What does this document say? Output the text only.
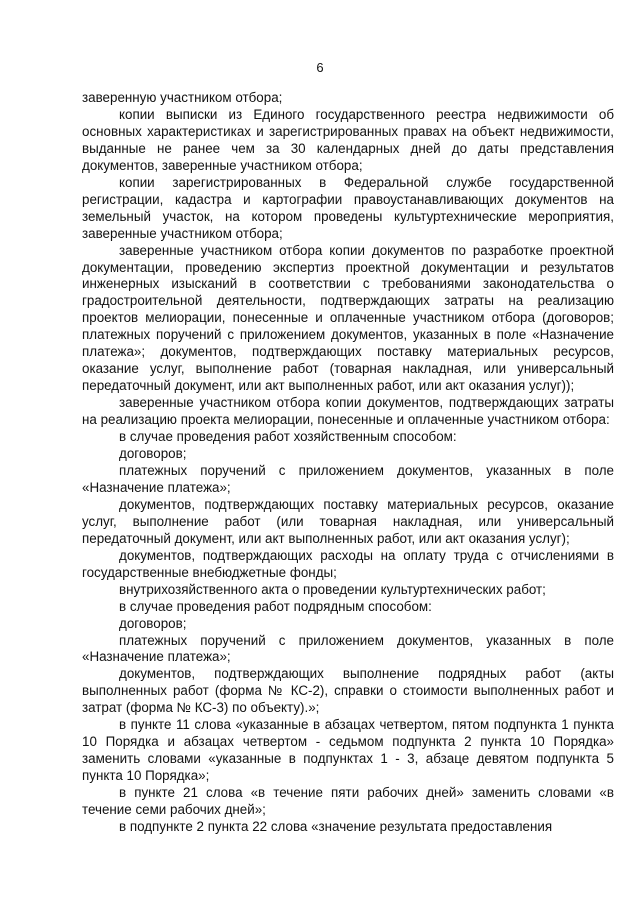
6

заверенную участником отбора;

копии выписки из Единого государственного реестра недвижимости об основных характеристиках и зарегистрированных правах на объект недвижимости, выданные не ранее чем за 30 календарных дней до даты представления документов, заверенные участником отбора;

копии зарегистрированных в Федеральной службе государственной регистрации, кадастра и картографии правоустанавливающих документов на земельный участок, на котором проведены культуртехнические мероприятия, заверенные участником отбора;

заверенные участником отбора копии документов по разработке проектной документации, проведению экспертиз проектной документации и результатов инженерных изысканий в соответствии с требованиями законодательства о градостроительной деятельности, подтверждающих затраты на реализацию проектов мелиорации, понесенные и оплаченные участником отбора (договоров; платежных поручений с приложением документов, указанных в поле «Назначение платежа»; документов, подтверждающих поставку материальных ресурсов, оказание услуг, выполнение работ (товарная накладная, или универсальный передаточный документ, или акт выполненных работ, или акт оказания услуг));

заверенные участником отбора копии документов, подтверждающих затраты на реализацию проекта мелиорации, понесенные и оплаченные участником отбора:

в случае проведения работ хозяйственным способом:

договоров;

платежных поручений с приложением документов, указанных в поле «Назначение платежа»;

документов, подтверждающих поставку материальных ресурсов, оказание услуг, выполнение работ (или товарная накладная, или универсальный передаточный документ, или акт выполненных работ, или акт оказания услуг);

документов, подтверждающих расходы на оплату труда с отчислениями в государственные внебюджетные фонды;

внутрихозяйственного акта о проведении культуртехнических работ;

в случае проведения работ подрядным способом:

договоров;

платежных поручений с приложением документов, указанных в поле «Назначение платежа»;

документов, подтверждающих выполнение подрядных работ (акты выполненных работ (форма № КС-2), справки о стоимости выполненных работ и затрат (форма № КС-3) по объекту).»;

в пункте 11 слова «указанные в абзацах четвертом, пятом подпункта 1 пункта 10 Порядка и абзацах четвертом - седьмом подпункта 2 пункта 10 Порядка» заменить словами «указанные в подпунктах 1 - 3, абзаце девятом подпункта 5 пункта 10 Порядка»;

в пункте 21 слова «в течение пяти рабочих дней» заменить словами «в течение семи рабочих дней»;

в подпункте 2 пункта 22 слова «значение результата предоставления
